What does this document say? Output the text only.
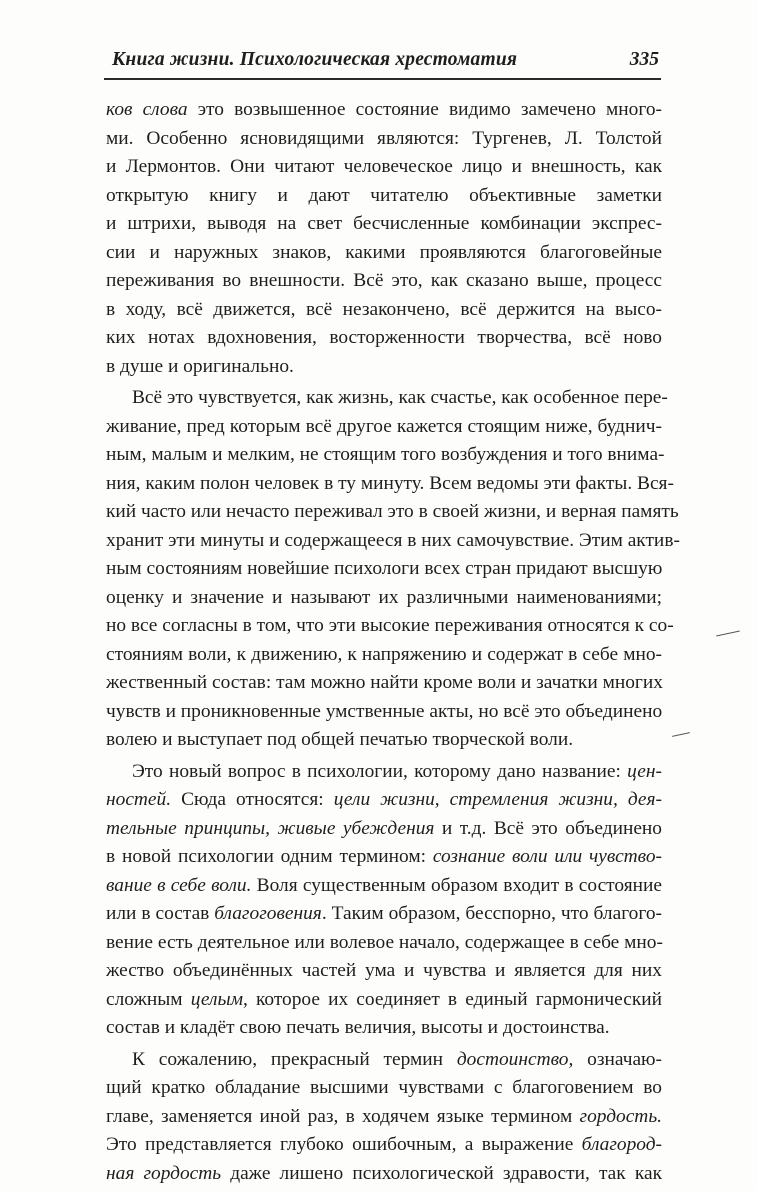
Книга жизни. Психологическая хрестоматия	335
ков слова это возвышенное состояние видимо замечено много-
ми. Особенно ясновидящими являются: Тургенев, Л. Толстой
и Лермонтов. Они читают человеческое лицо и внешность, как
открытую книгу и дают читателю объективные заметки
и штрихи, выводя на свет бесчисленные комбинации экспрес-
сии и наружных знаков, какими проявляются благоговейные
переживания во внешности. Всё это, как сказано выше, процесс
в ходу, всё движется, всё незакончено, всё держится на высо-
ких нотах вдохновения, восторженности творчества, всё ново
в душе и оригинально.
Всё это чувствуется, как жизнь, как счастье, как особенное пере-
живание, пред которым всё другое кажется стоящим ниже, буднич-
ным, малым и мелким, не стоящим того возбуждения и того внима-
ния, каким полон человек в ту минуту. Всем ведомы эти факты. Вся-
кий часто или нечасто переживал это в своей жизни, и верная память
хранит эти минуты и содержащееся в них самочувствие. Этим актив-
ным состояниям новейшие психологи всех стран придают высшую
оценку и значение и называют их различными наименованиями;
но все согласны в том, что эти высокие переживания относятся к со-
стояниям воли, к движению, к напряжению и содержат в себе мно-
жественный состав: там можно найти кроме воли и зачатки многих
чувств и проникновенные умственные акты, но всё это объединено
волею и выступает под общей печатью творческой воли.
Это новый вопрос в психологии, которому дано название: цен-
ностей. Сюда относятся: цели жизни, стремления жизни, дея-
тельные принципы, живые убеждения и т.д. Всё это объединено
в новой психологии одним термином: сознание воли или чувство-
вание в себе воли. Воля существенным образом входит в состояние
или в состав благоговения. Таким образом, бесспорно, что благого-
вение есть деятельное или волевое начало, содержащее в себе мно-
жество объединённых частей ума и чувства и является для них
сложным целым, которое их соединяет в единый гармонический
состав и кладёт свою печать величия, высоты и достоинства.
К сожалению, прекрасный термин достоинство, означаю-
щий кратко обладание высшими чувствами с благоговением во
главе, заменяется иной раз, в ходячем языке термином гордость.
Это представляется глубоко ошибочным, а выражение благород-
ная гордость даже лишено психологической здравости, так как
